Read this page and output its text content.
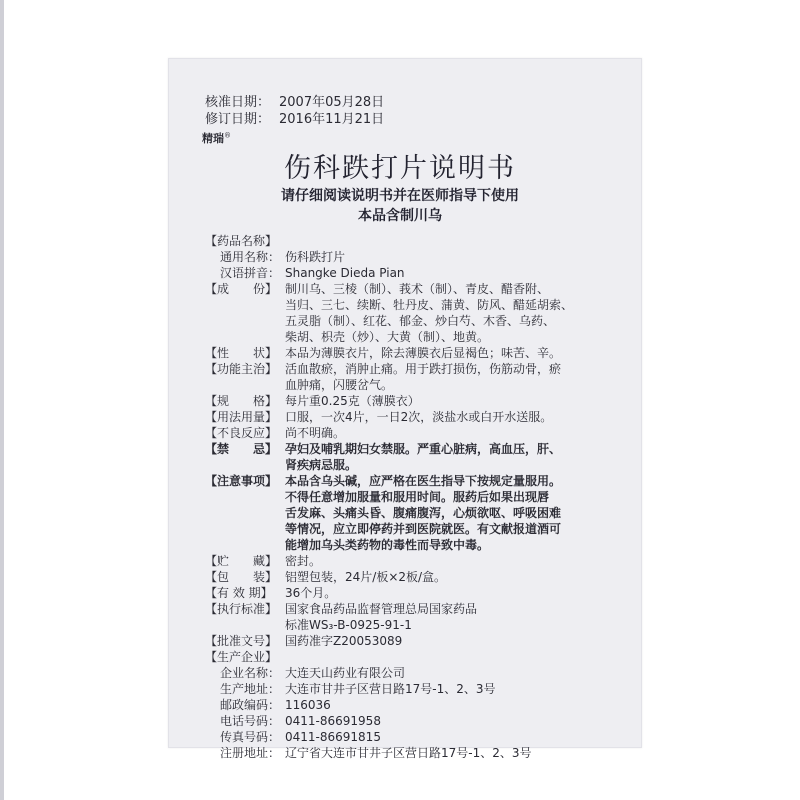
核准日期： 2007年05月28日
修订日期： 2016年11月21日
精瑞®
伤科跌打片说明书
请仔细阅读说明书并在医师指导下使用
本品含制川乌
【药品名称】
通用名称： 伤科跌打片
汉语拼音： Shangke Dieda Pian
【成　　份】 制川乌、三棱（制）、莪术（制）、青皮、醋香附、
当归、三七、续断、牡丹皮、蒲黄、防风、醋延胡索、
五灵脂（制）、红花、郁金、炒白芍、木香、乌药、
柴胡、枳壳（炒）、大黄（制）、地黄。
【性　　状】 本品为薄膜衣片，除去薄膜衣后显褐色；味苦、辛。
【功能主治】 活血散瘀，消肿止痛。用于跌打损伤，伤筋动骨，瘀
血肿痛，闪腰岔气。
【规　　格】 每片重0.25克（薄膜衣）
【用法用量】 口服，一次4片，一日2次，淡盐水或白开水送服。
【不良反应】 尚不明确。
【禁　　忌】 孕妇及哺乳期妇女禁服。严重心脏病，高血压，肝、
肾疾病忌服。
【注意事项】 本品含乌头碱，应严格在医生指导下按规定量服用。
不得任意增加服量和服用时间。服药后如果出现唇
舌发麻、头痛头昏、腹痛腹泻，心烦欲呕、呼吸困难
等情况，应立即停药并到医院就医。有文献报道酒可
能增加乌头类药物的毒性而导致中毒。
【贮　　藏】 密封。
【包　　装】 铝塑包装，24片/板×2板/盒。
【有 效 期】	36个月。
【执行标准】 国家食品药品监督管理总局国家药品
标准WS₃-B-0925-91-1
【批准文号】 国药准字Z20053089
【生产企业】
企业名称： 大连天山药业有限公司
生产地址： 大连市甘井子区营日路17号-1、2、3号
邮政编码： 116036
电话号码： 0411-86691958
传真号码： 0411-86691815
注册地址： 辽宁省大连市甘井子区营日路17号-1、2、3号
